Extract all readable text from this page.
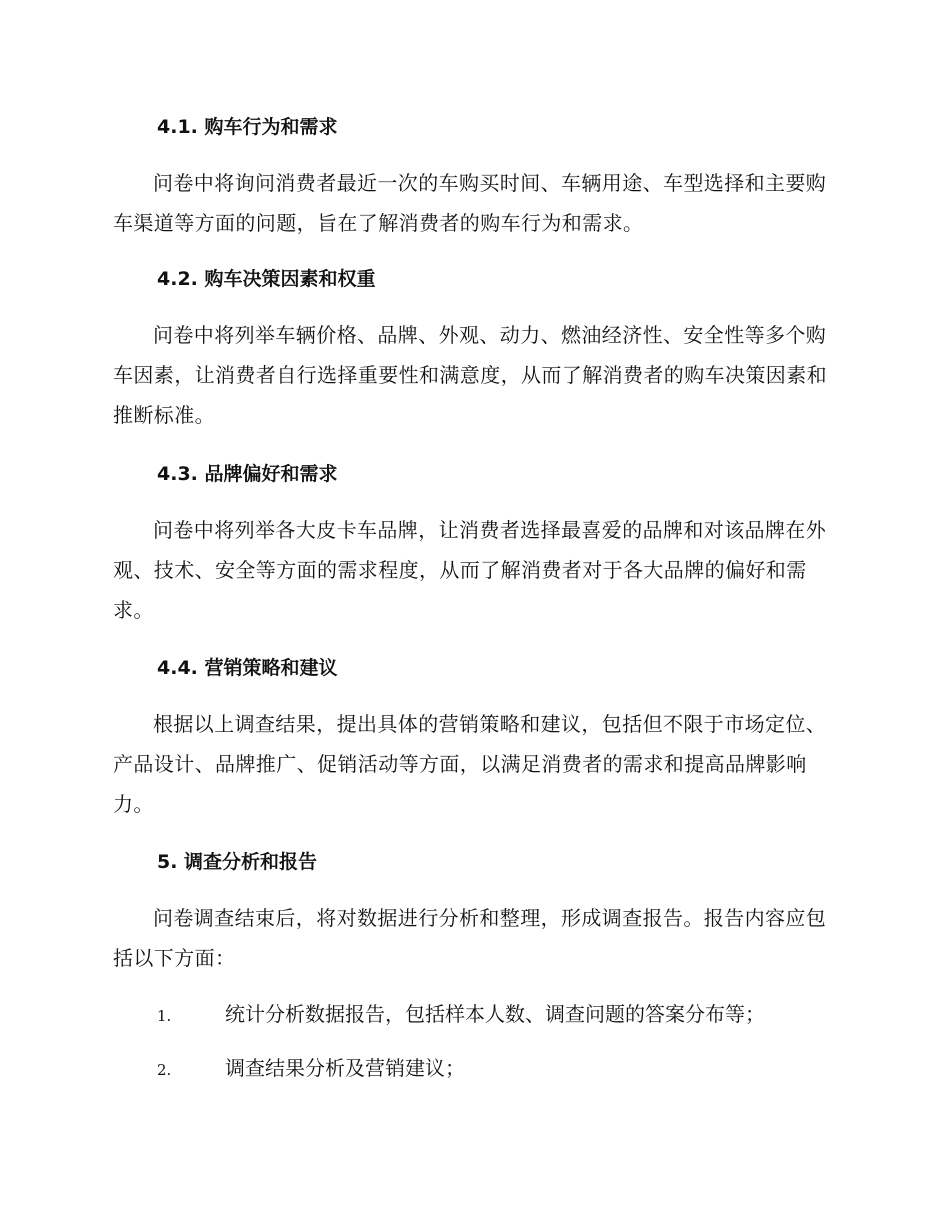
4.1. 购车行为和需求
问卷中将询问消费者最近一次的车购买时间、车辆用途、车型选择和主要购车渠道等方面的问题，旨在了解消费者的购车行为和需求。
4.2. 购车决策因素和权重
问卷中将列举车辆价格、品牌、外观、动力、燃油经济性、安全性等多个购车因素，让消费者自行选择重要性和满意度，从而了解消费者的购车决策因素和推断标准。
4.3. 品牌偏好和需求
问卷中将列举各大皮卡车品牌，让消费者选择最喜爱的品牌和对该品牌在外观、技术、安全等方面的需求程度，从而了解消费者对于各大品牌的偏好和需求。
4.4. 营销策略和建议
根据以上调查结果，提出具体的营销策略和建议，包括但不限于市场定位、产品设计、品牌推广、促销活动等方面，以满足消费者的需求和提高品牌影响力。
5. 调查分析和报告
问卷调查结束后，将对数据进行分析和整理，形成调查报告。报告内容应包括以下方面：
1.	统计分析数据报告，包括样本人数、调查问题的答案分布等；
2.	调查结果分析及营销建议；
